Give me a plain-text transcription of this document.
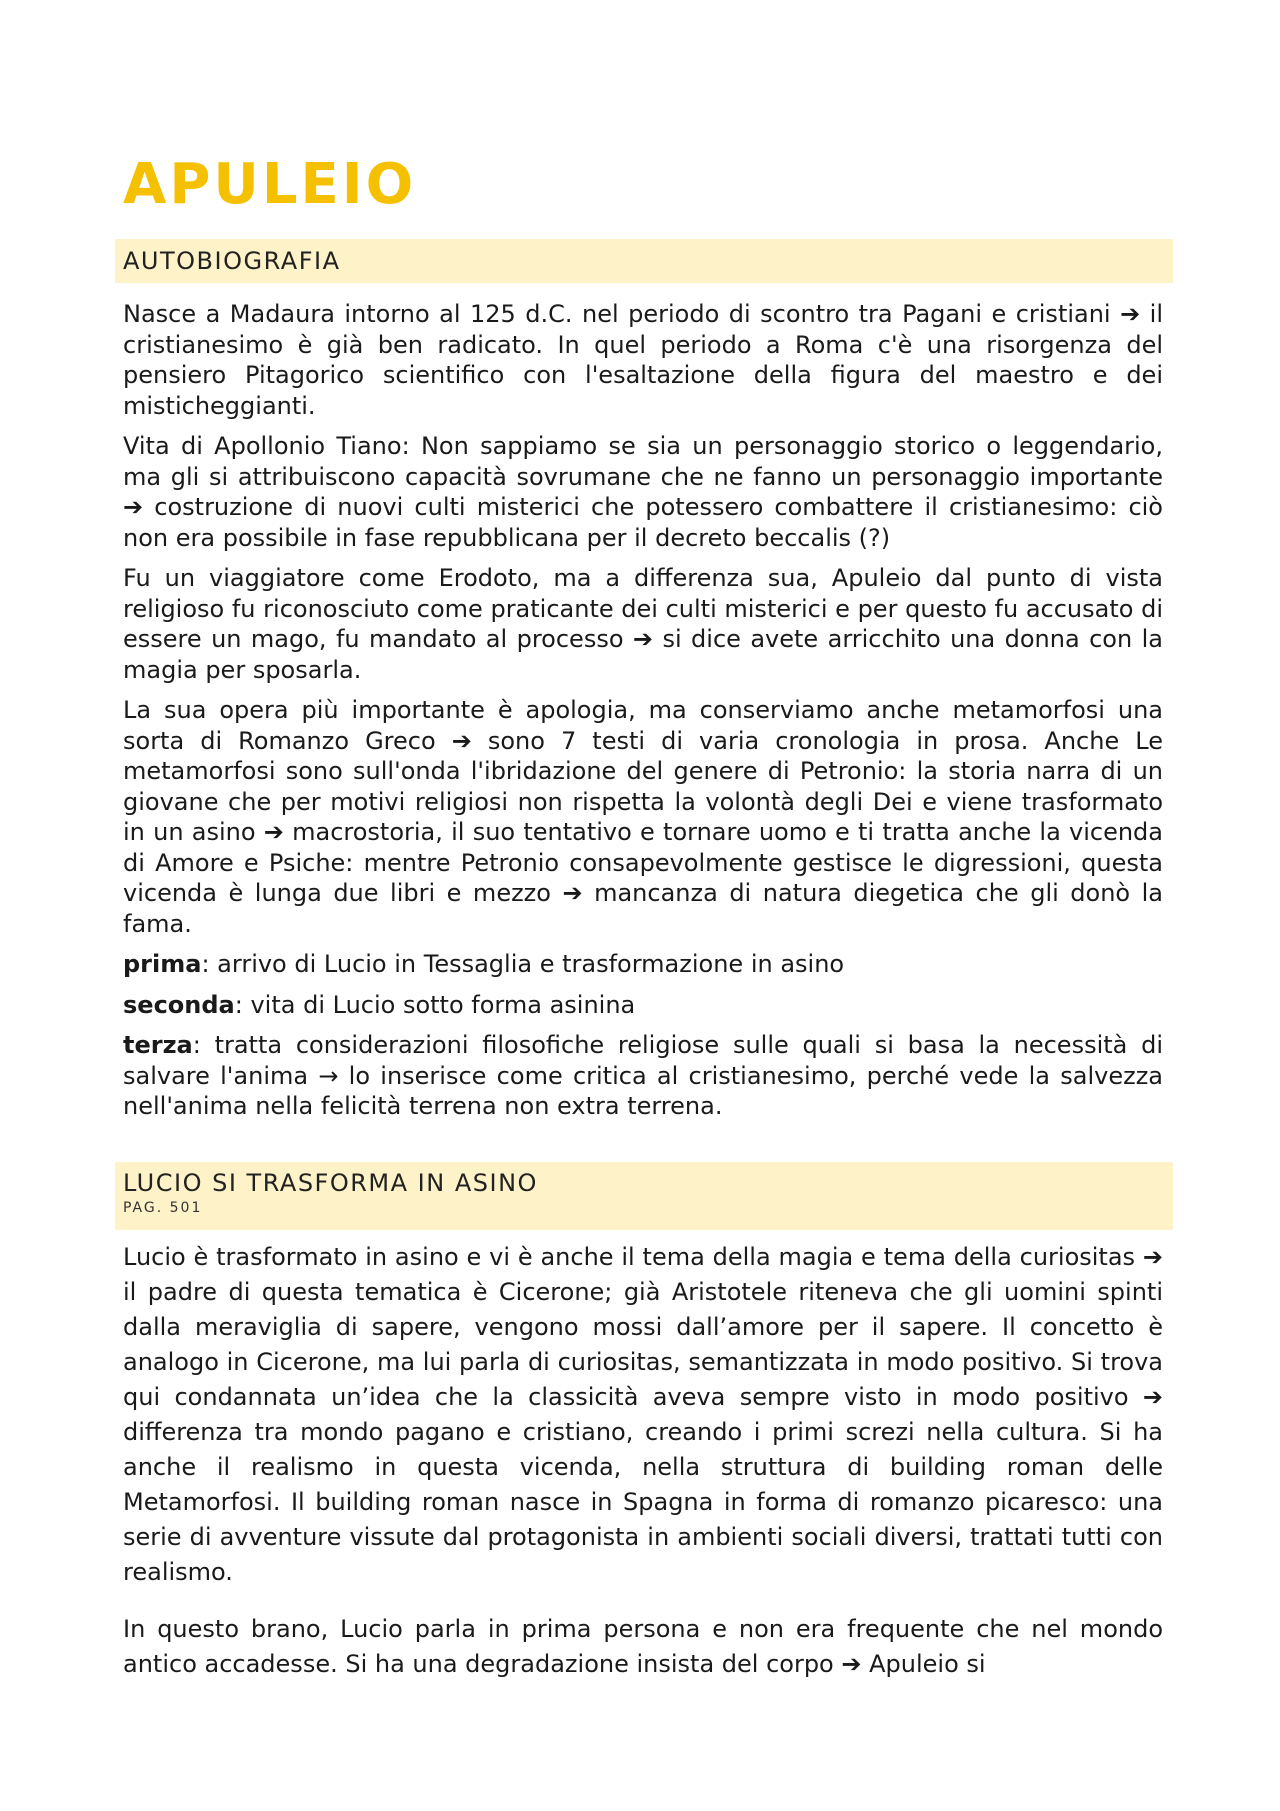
APULEIO
AUTOBIOGRAFIA

Nasce a Madaura intorno al 125 d.C. nel periodo di scontro tra Pagani e cristiani ➔ il cristianesimo è già ben radicato. In quel periodo a Roma c'è una risorgenza del pensiero Pitagorico scientifico con l'esaltazione della figura del maestro e dei misticheggianti.

Vita di Apollonio Tiano: Non sappiamo se sia un personaggio storico o leggendario, ma gli si attribuiscono capacità sovrumane che ne fanno un personaggio importante ➔ costruzione di nuovi culti misterici che potessero combattere il cristianesimo: ciò non era possibile in fase repubblicana per il decreto beccalis (?)

Fu un viaggiatore come Erodoto, ma a differenza sua, Apuleio dal punto di vista religioso fu riconosciuto come praticante dei culti misterici e per questo fu accusato di essere un mago, fu mandato al processo ➔ si dice avete arricchito una donna con la magia per sposarla.

La sua opera più importante è apologia, ma conserviamo anche metamorfosi una sorta di Romanzo Greco ➔ sono 7 testi di varia cronologia in prosa. Anche Le metamorfosi sono sull'onda l'ibridazione del genere di Petronio: la storia narra di un giovane che per motivi religiosi non rispetta la volontà degli Dei e viene trasformato in un asino ➔ macrostoria, il suo tentativo e tornare uomo e ti tratta anche la vicenda di Amore e Psiche: mentre Petronio consapevolmente gestisce le digressioni, questa vicenda è lunga due libri e mezzo ➔ mancanza di natura diegetica che gli donò la fama.

prima: arrivo di Lucio in Tessaglia e trasformazione in asino

seconda: vita di Lucio sotto forma asinina

terza: tratta considerazioni filosofiche religiose sulle quali si basa la necessità di salvare l'anima → lo inserisce come critica al cristianesimo, perché vede la salvezza nell'anima nella felicità terrena non extra terrena.

LUCIO SI TRASFORMA IN ASINO
PAG. 501

Lucio è trasformato in asino e vi è anche il tema della magia e tema della curiositas ➔ il padre di questa tematica è Cicerone; già Aristotele riteneva che gli uomini spinti dalla meraviglia di sapere, vengono mossi dall’amore per il sapere. Il concetto è analogo in Cicerone, ma lui parla di curiositas, semantizzata in modo positivo. Si trova qui condannata un’idea che la classicità aveva sempre visto in modo positivo ➔ differenza tra mondo pagano e cristiano, creando i primi screzi nella cultura. Si ha anche il realismo in questa vicenda, nella struttura di building roman delle Metamorfosi. Il building roman nasce in Spagna in forma di romanzo picaresco: una serie di avventure vissute dal protagonista in ambienti sociali diversi, trattati tutti con realismo.

In questo brano, Lucio parla in prima persona e non era frequente che nel mondo antico accadesse. Si ha una degradazione insista del corpo ➔ Apuleio si
